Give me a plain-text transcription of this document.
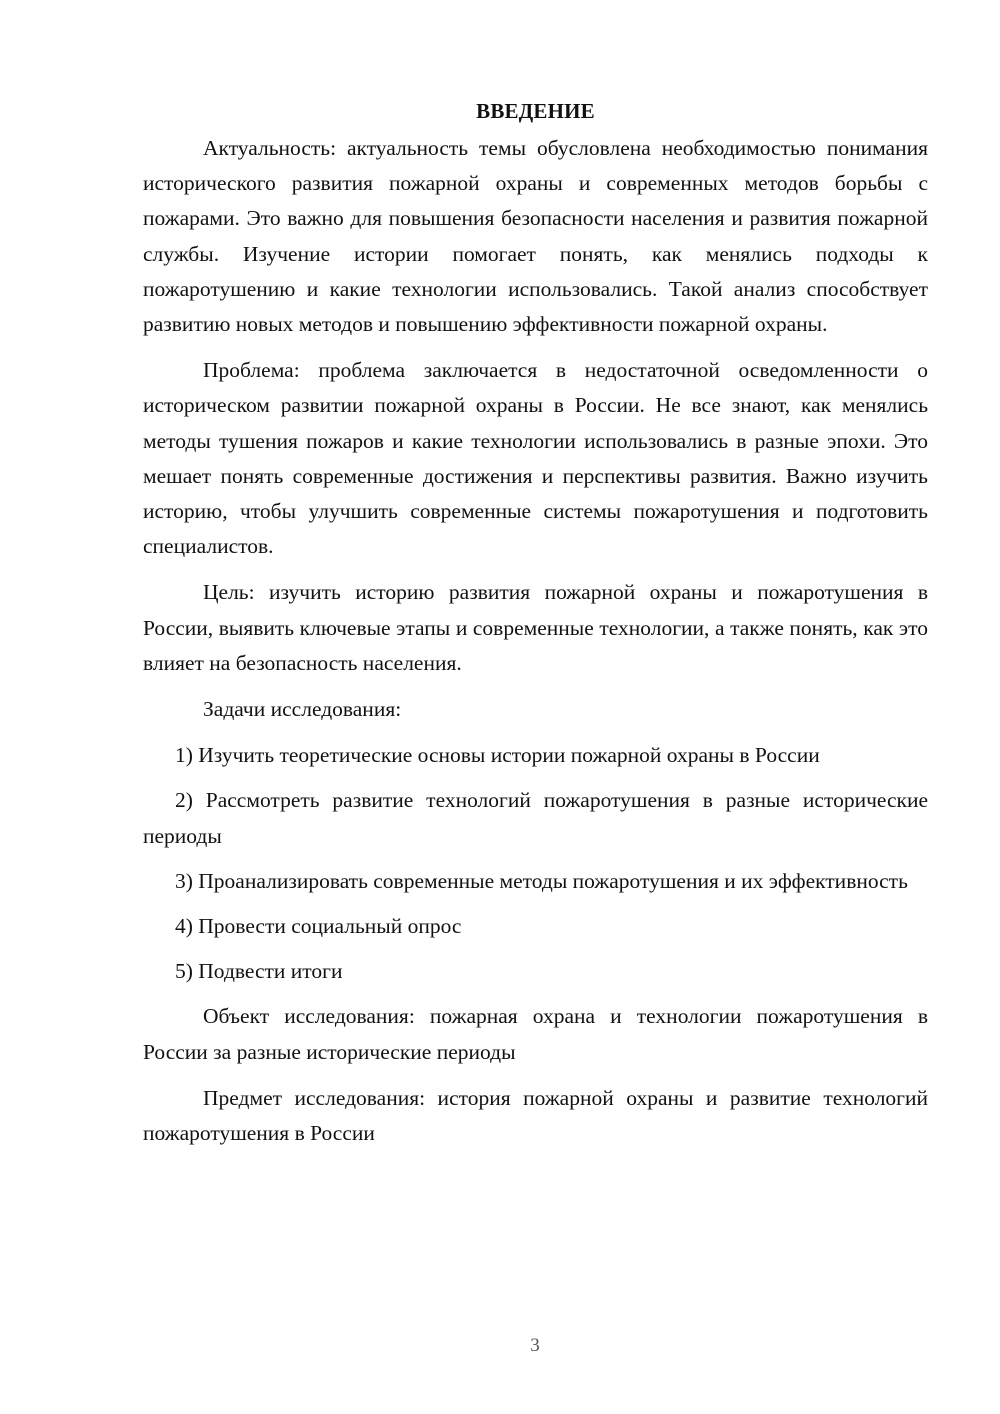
ВВЕДЕНИЕ

Актуальность: актуальность темы обусловлена необходимостью понимания исторического развития пожарной охраны и современных методов борьбы с пожарами. Это важно для повышения безопасности населения и развития пожарной службы. Изучение истории помогает понять, как менялись подходы к пожаротушению и какие технологии использовались. Такой анализ способствует развитию новых методов и повышению эффективности пожарной охраны.

Проблема: проблема заключается в недостаточной осведомленности о историческом развитии пожарной охраны в России. Не все знают, как менялись методы тушения пожаров и какие технологии использовались в разные эпохи. Это мешает понять современные достижения и перспективы развития. Важно изучить историю, чтобы улучшить современные системы пожаротушения и подготовить специалистов.

Цель: изучить историю развития пожарной охраны и пожаротушения в России, выявить ключевые этапы и современные технологии, а также понять, как это влияет на безопасность населения.

Задачи исследования:

1) Изучить теоретические основы истории пожарной охраны в России

2) Рассмотреть развитие технологий пожаротушения в разные исторические периоды

3) Проанализировать современные методы пожаротушения и их эффективность

4) Провести социальный опрос

5) Подвести итоги

Объект исследования: пожарная охрана и технологии пожаротушения в России за разные исторические периоды

Предмет исследования: история пожарной охраны и развитие технологий пожаротушения в России

3
